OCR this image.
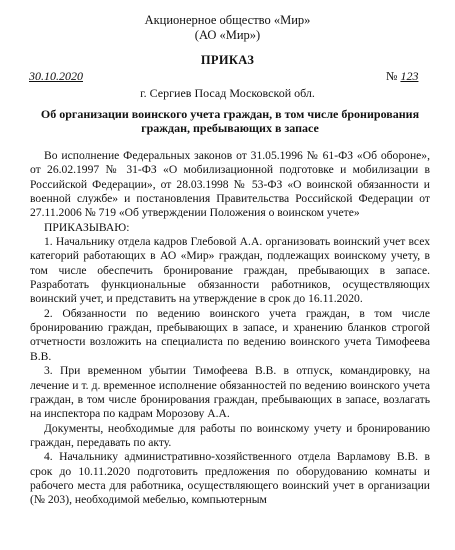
Акционерное общество «Мир»
(АО «Мир»)
ПРИКАЗ
30.10.2020	№ 123
г. Сергиев Посад Московской обл.
Об организации воинского учета граждан, в том числе бронирования
граждан, пребывающих в запасе

Во исполнение Федеральных законов от 31.05.1996 № 61-ФЗ «Об обороне», от 26.02.1997 № 31-ФЗ «О мобилизационной подготовке и мобилизации в Российской Федерации», от 28.03.1998 № 53-ФЗ «О воинской обязанности и военной службе» и постановления Правительства Российской Федерации от 27.11.2006 № 719 «Об утверждении Положения о воинском учете»

ПРИКАЗЫВАЮ:

1. Начальнику отдела кадров Глебовой А.А. организовать воинский учет всех категорий работающих в АО «Мир» граждан, подлежащих воинскому учету, в том числе обеспечить бронирование граждан, пребывающих в запасе. Разработать функциональные обязанности работников, осуществляющих воинский учет, и представить на утверждение в срок до 16.11.2020.

2. Обязанности по ведению воинского учета граждан, в том числе бронированию граждан, пребывающих в запасе, и хранению бланков строгой отчетности возложить на специалиста по ведению воинского учета Тимофеева В.В.

3. При временном убытии Тимофеева В.В. в отпуск, командировку, на лечение и т. д. временное исполнение обязанностей по ведению воинского учета граждан, в том числе бронирования граждан, пребывающих в запасе, возлагать на инспектора по кадрам Морозову А.А.

Документы, необходимые для работы по воинскому учету и бронированию граждан, передавать по акту.

4. Начальнику административно-хозяйственного отдела Варламову В.В. в срок до 10.11.2020 подготовить предложения по оборудованию комнаты и рабочего места для работника, осуществляющего воинский учет в организации (№ 203), необходимой мебелью, компьютерным
